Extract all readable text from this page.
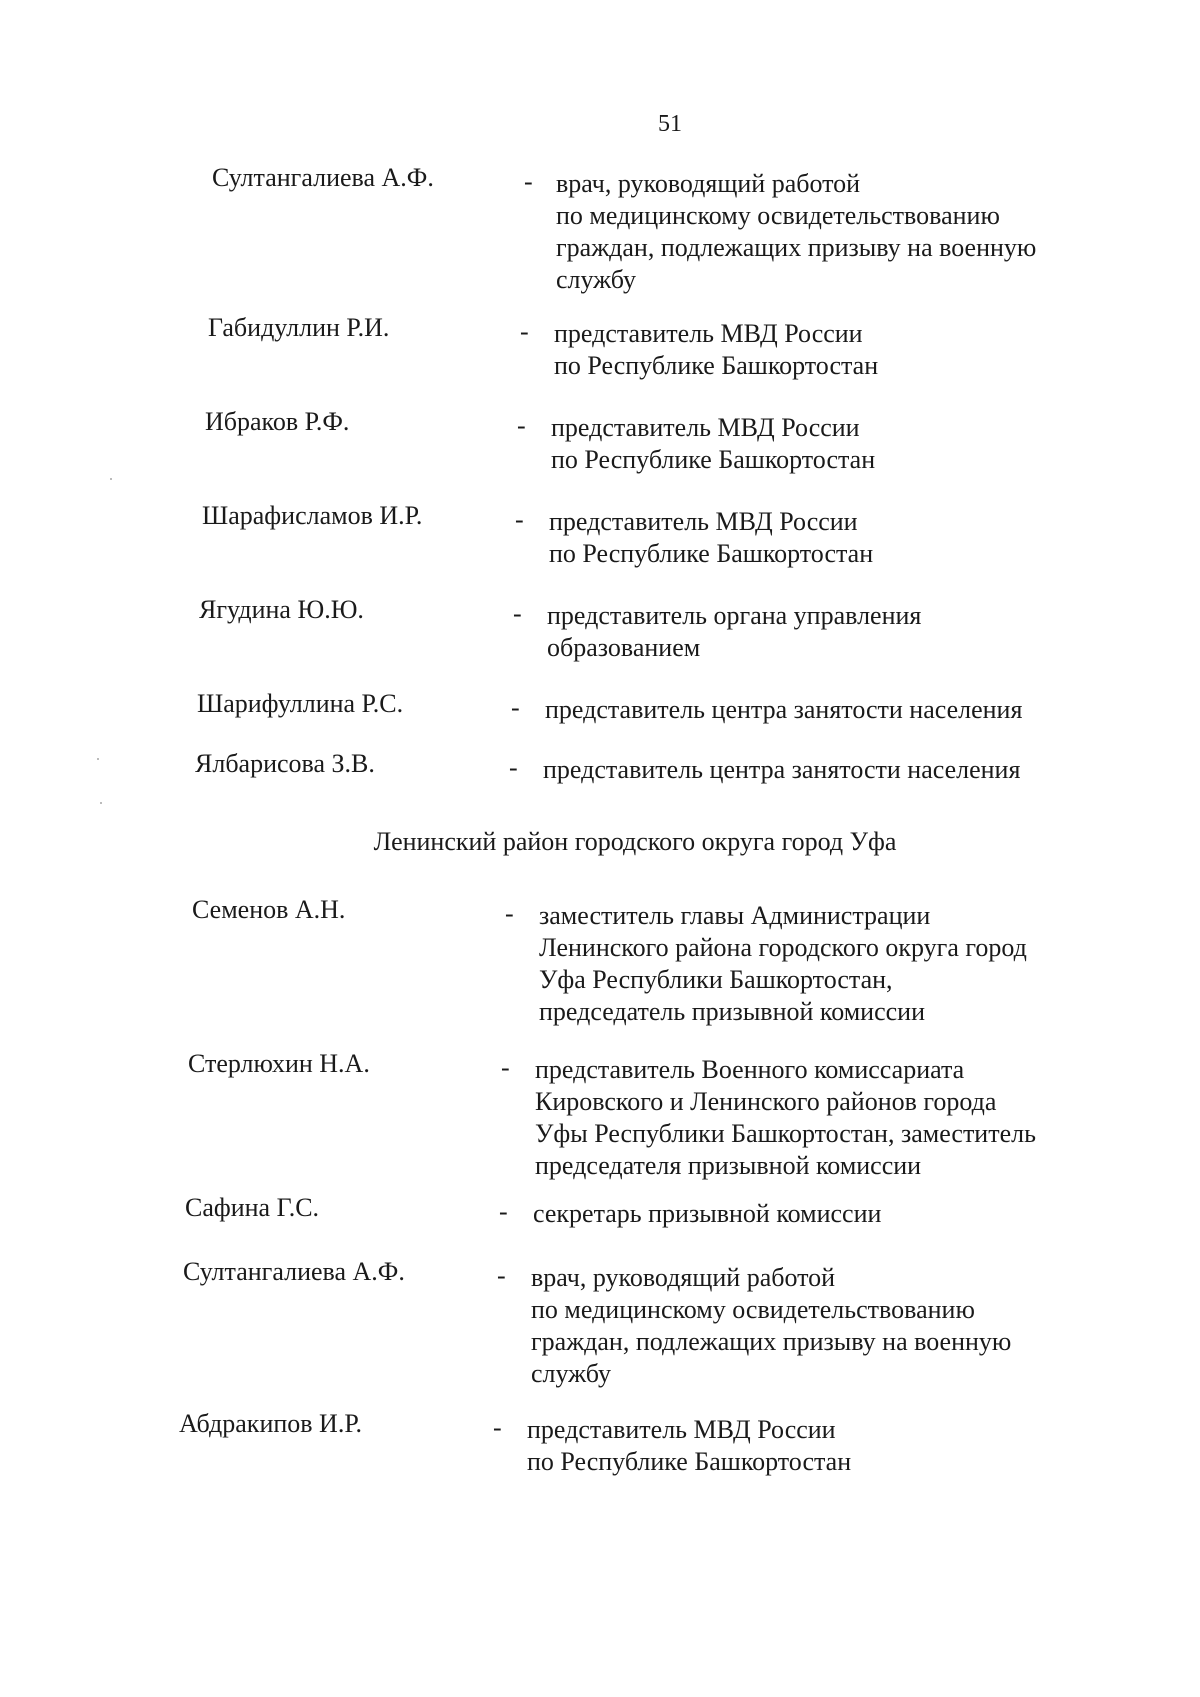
51
Султангалиева А.Ф.	- врач, руководящий работой
по медицинскому освидетельствованию
граждан, подлежащих призыву на военную
службу
Габидуллин Р.И.	- представитель МВД России
по Республике Башкортостан
Ибраков Р.Ф.	- представитель МВД России
по Республике Башкортостан
Шарафисламов И.Р.	- представитель МВД России
по Республике Башкортостан
Ягудина Ю.Ю.	- представитель органа управления
образованием
Шарифуллина Р.С.	- представитель центра занятости населения
Ялбарисова З.В.	- представитель центра занятости населения
Ленинский район городского округа город Уфа
Семенов А.Н.	- заместитель главы Администрации
Ленинского района городского округа город
Уфа Республики Башкортостан,
председатель призывной комиссии
Стерлюхин Н.А.	- представитель Военного комиссариата
Кировского и Ленинского районов города
Уфы Республики Башкортостан, заместитель
председателя призывной комиссии
Сафина Г.С.	- секретарь призывной комиссии
Султангалиева А.Ф.	- врач, руководящий работой
по медицинскому освидетельствованию
граждан, подлежащих призыву на военную
службу
Абдракипов И.Р.	- представитель МВД России
по Республике Башкортостан
